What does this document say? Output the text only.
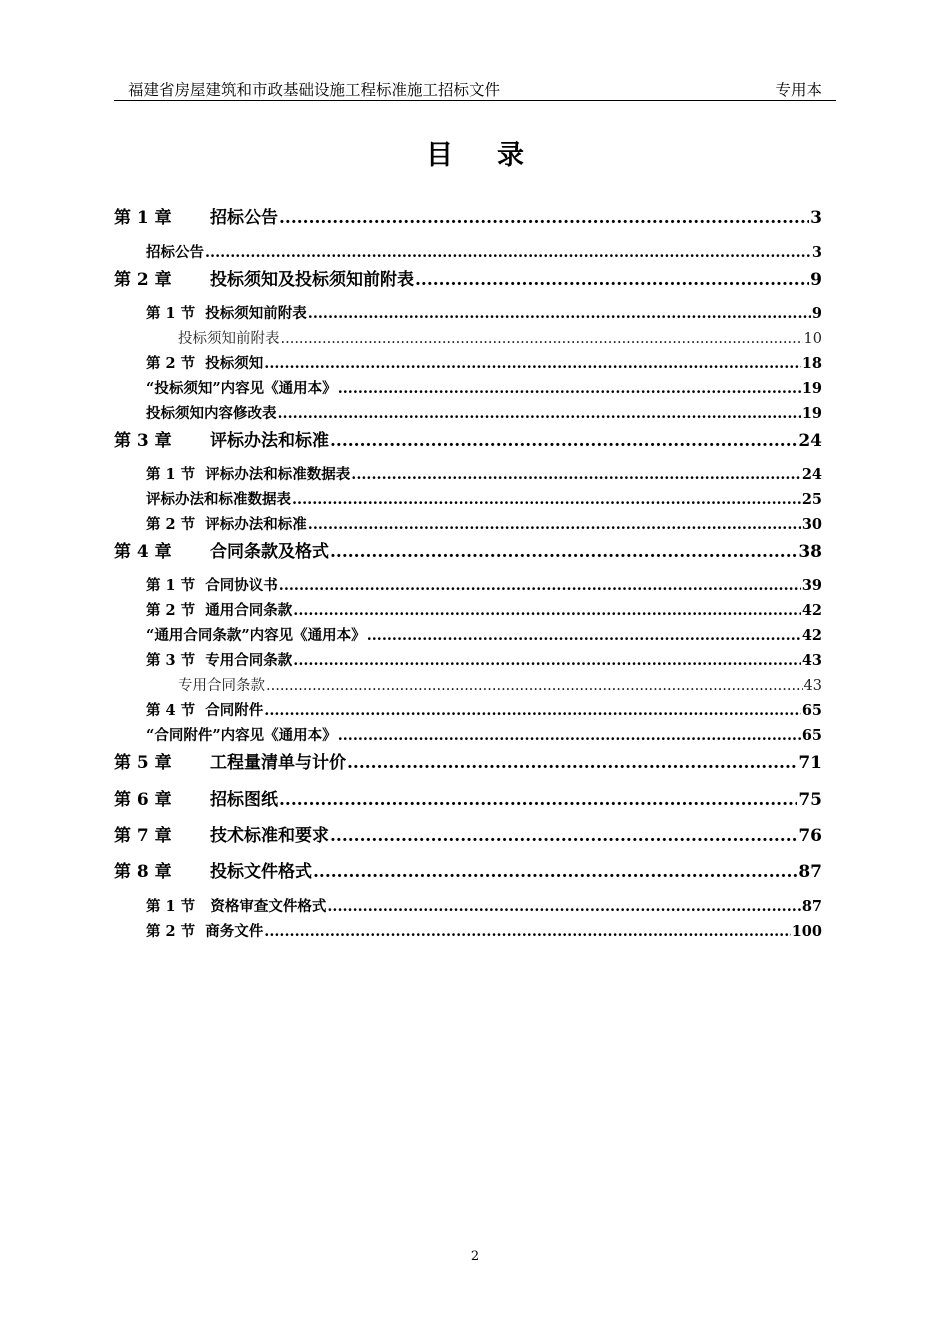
福建省房屋建筑和市政基础设施工程标准施工招标文件	专用本
目录
第 1 章 招标公告 .....	3
招标公告 .....	3
第 2 章 投标须知及投标须知前附表 .....	9
第 1 节  投标须知前附表 .....	9
投标须知前附表 .....	10
第 2 节  投标须知 .....	18
“投标须知”内容见《通用本》 .....	19
投标须知内容修改表 .....	19
第 3 章 评标办法和标准 .....	24
第 1 节  评标办法和标准数据表 .....	24
评标办法和标准数据表 .....	25
第 2 节  评标办法和标准 .....	30
第 4 章 合同条款及格式 .....	38
第 1 节  合同协议书 .....	39
第 2 节  通用合同条款 .....	42
“通用合同条款”内容见《通用本》 .....	42
第 3 节  专用合同条款 .....	43
专用合同条款 .....	43
第 4 节  合同附件 .....	65
“合同附件”内容见《通用本》 .....	65
第 5 章 工程量清单与计价 .....	71
第 6 章 招标图纸 .....	75
第 7 章 技术标准和要求 .....	76
第 8 章 投标文件格式 .....	87
第 1 节   资格审查文件格式 .....	87
第 2 节  商务文件 .....	100
2
